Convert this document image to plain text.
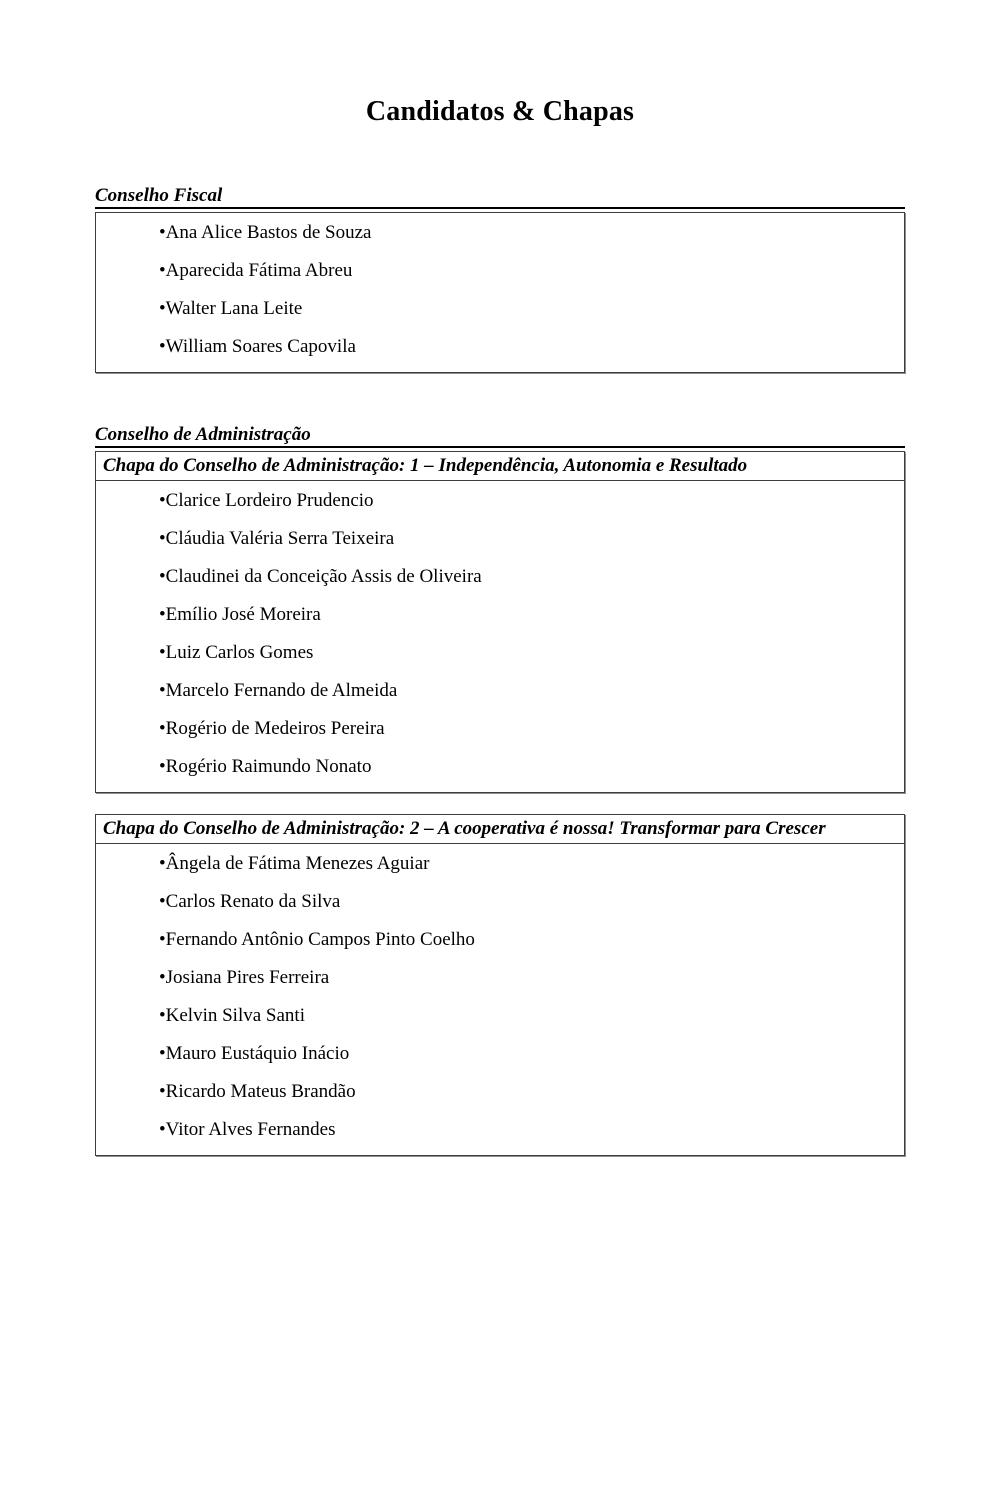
Candidatos & Chapas
Conselho Fiscal
•Ana Alice Bastos de Souza
•Aparecida Fátima Abreu
•Walter Lana Leite
•William Soares Capovila
Conselho de Administração
Chapa do Conselho de Administração: 1 – Independência, Autonomia e Resultado
•Clarice Lordeiro Prudencio
•Cláudia Valéria Serra Teixeira
•Claudinei da Conceição Assis de Oliveira
•Emílio José Moreira
•Luiz Carlos Gomes
•Marcelo Fernando de Almeida
•Rogério de Medeiros Pereira
•Rogério Raimundo Nonato
Chapa do Conselho de Administração: 2 – A cooperativa é nossa! Transformar para Crescer
•Ângela de Fátima Menezes Aguiar
•Carlos Renato da Silva
•Fernando Antônio Campos Pinto Coelho
•Josiana Pires Ferreira
•Kelvin Silva Santi
•Mauro Eustáquio Inácio
•Ricardo Mateus Brandão
•Vitor Alves Fernandes
